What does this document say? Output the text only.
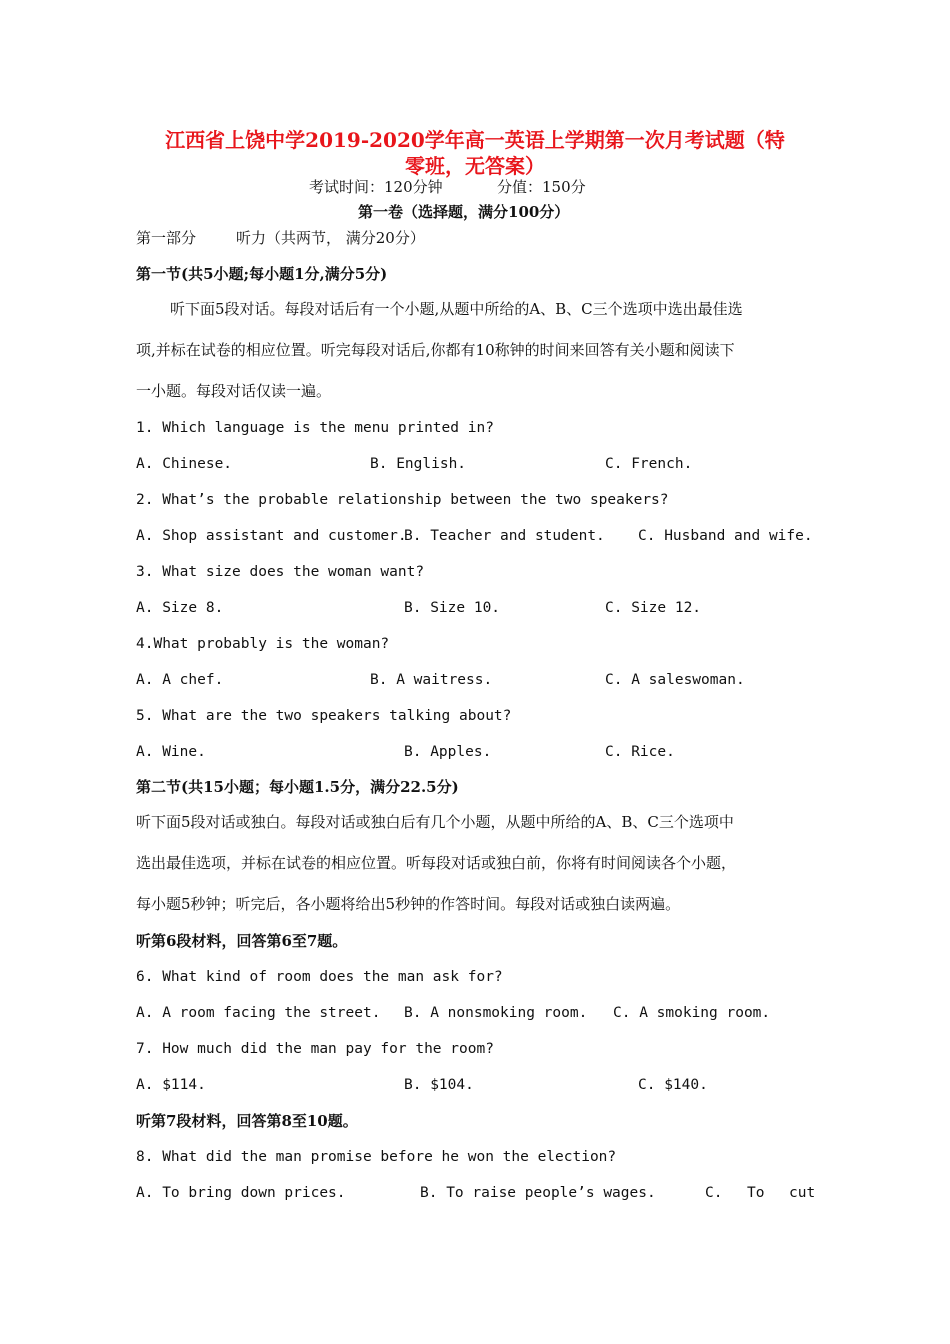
江西省上饶中学2019-2020学年高一英语上学期第一次月考试题（特
零班，无答案）
考试时间：120分钟	分值：150分
第一卷（选择题，满分100分）
第一部分	听力（共两节， 满分20分）
第一节(共5小题;每小题1分,满分5分)
听下面5段对话。每段对话后有一个小题,从题中所给的A、B、C三个选项中选出最佳选
项,并标在试卷的相应位置。听完每段对话后,你都有10称钟的时间来回答有关小题和阅读下
一小题。每段对话仅读一遍。
1. Which language is the menu printed in?
A. Chinese.	B. English.	C. French.
2. What’s the probable relationship between the two speakers?
A. Shop assistant and customer.
B. Teacher and student. C. Husband and wife.
3. What size does the woman want?
A. Size 8.	B. Size 10.	C. Size 12.
4.What probably is the woman?
A. A chef.	B. A waitress.	C. A saleswoman.
5. What are the two speakers talking about?
A. Wine.	B. Apples.	C. Rice.
第二节(共15小题；每小题1.5分，满分22.5分)
听下面5段对话或独白。每段对话或独白后有几个小题，从题中所给的A、B、C三个选项中
选出最佳选项，并标在试卷的相应位置。听每段对话或独白前，你将有时间阅读各个小题，
每小题5秒钟；听完后，各小题将给出5秒钟的作答时间。每段对话或独白读两遍。
听第6段材料，回答第6至7题。
6. What kind of room does the man ask for?
A. A room facing the street. B. A nonsmoking room. C. A smoking room.
7. How much did the man pay for the room?
A. $114.	B. $104.	C. $140.
听第7段材料，回答第8至10题。
8. What did the man promise before he won the election?
A. To bring down prices.	B. To raise people’s wages.	C. To cut
